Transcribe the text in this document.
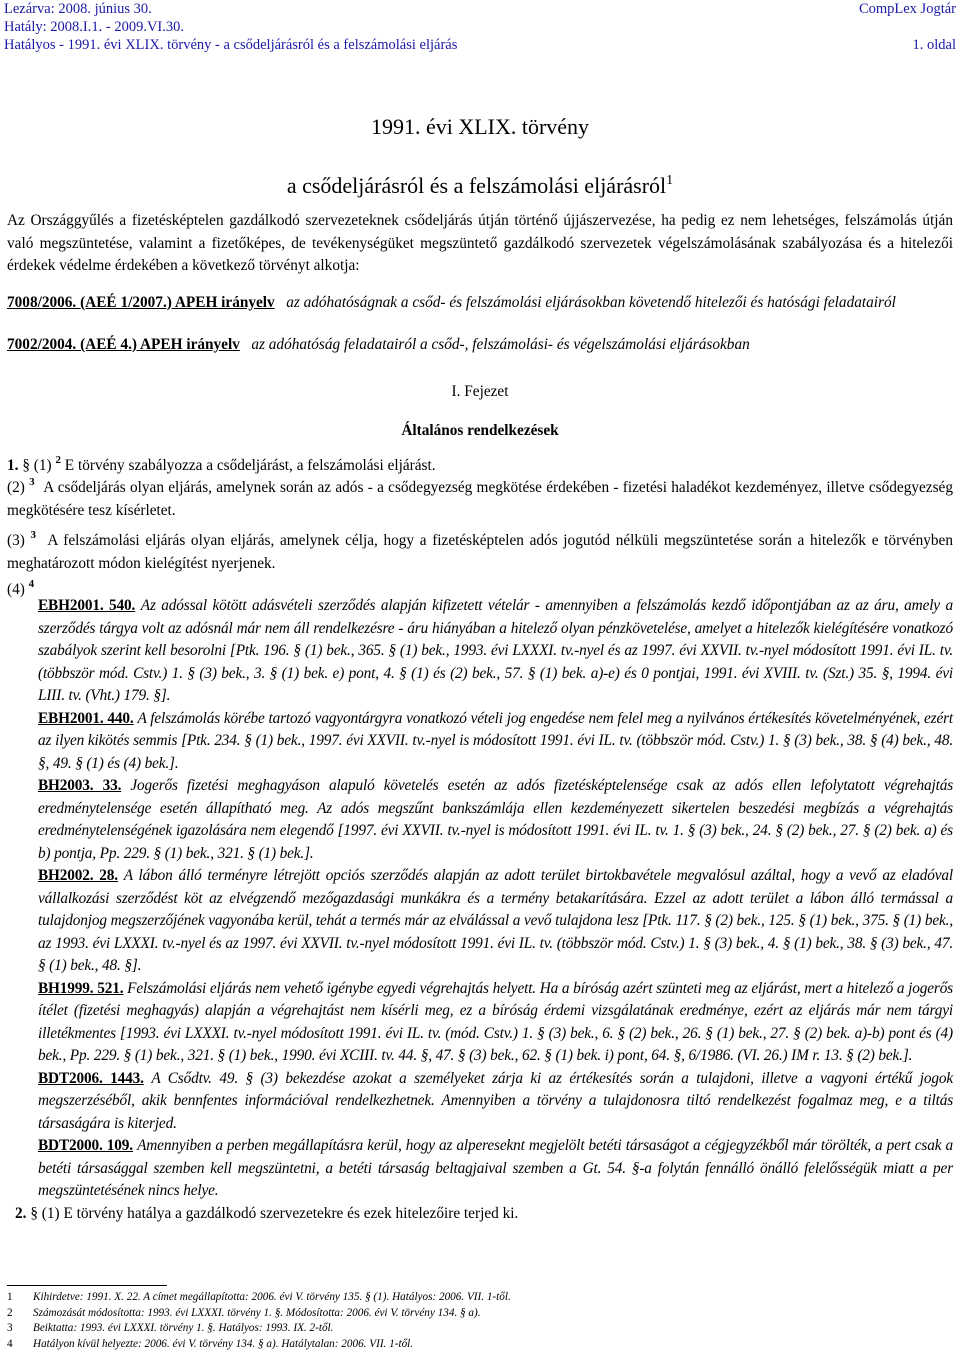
Lezárva: 2008. június 30.
Hatály: 2008.I.1. - 2009.VI.30.
Hatályos - 1991. évi XLIX. törvény - a csődeljárásról és a felszámolási eljárás
CompLex Jogtár
1. oldal
1991. évi XLIX. törvény
a csődeljárásról és a felszámolási eljárásról$^1$

Az Országgyűlés a fizetésképtelen gazdálkodó szervezeteknek csődeljárás útján történő újjászervezése, ha pedig ez nem lehetséges, felszámolás útján való megszüntetése, valamint a fizetőképes, de tevékenységüket megszüntető gazdálkodó szervezetek végelszámolásának szabályozása és a hitelezői érdekek védelme érdekében a következő törvényt alkotja:

7008/2006. (AEÉ 1/2007.) APEH irányelv az adóhatóságnak a csőd- és felszámolási eljárásokban követendő hitelezői és hatósági feladatairól

7002/2004. (AEÉ 4.) APEH irányelv az adóhatóság feladatairól a csőd-, felszámolási- és végelszámolási eljárásokban

I. Fejezet

Általános rendelkezések

1. § (1) $^2$ E törvény szabályozza a csődeljárást, a felszámolási eljárást.

(2) $^3$ A csődeljárás olyan eljárás, amelynek során az adós - a csődegyezség megkötése érdekében - fizetési haladékot kezdeményez, illetve csődegyezség megkötésére tesz kísérletet.

(3) $^3$ A felszámolási eljárás olyan eljárás, amelynek célja, hogy a fizetésképtelen adós jogutód nélküli megszüntetése során a hitelezők e törvényben meghatározott módon kielégítést nyerjenek.

(4) $^4$

EBH2001. 540. Az adóssal kötött adásvételi szerződés alapján kifizetett vételár - amennyiben a felszámolás kezdő időpontjában az az áru, amely a szerződés tárgya volt az adósnál már nem áll rendelkezésre - áru hiányában a hitelező olyan pénzkövetelése, amelyet a hitelezők kielégítésére vonatkozó szabályok szerint kell besorolni [Ptk. 196. § (1) bek., 365. § (1) bek., 1993. évi LXXXI. tv.-nyel és az 1997. évi XXVII. tv.-nyel módosított 1991. évi IL. tv. (többször mód. Cstv.) 1. § (3) bek., 3. § (1) bek. e) pont, 4. § (1) és (2) bek., 57. § (1) bek. a)-e) és 0 pontjai, 1991. évi XVIII. tv. (Szt.) 35. §, 1994. évi LIII. tv. (Vht.) 179. §].

EBH2001. 440. A felszámolás körébe tartozó vagyontárgyra vonatkozó vételi jog engedése nem felel meg a nyilvános értékesítés követelményének, ezért az ilyen kikötés semmis [Ptk. 234. § (1) bek., 1997. évi XXVII. tv.-nyel is módosított 1991. évi IL. tv. (többször mód. Cstv.) 1. § (3) bek., 38. § (4) bek., 48. §, 49. § (1) és (4) bek.].

BH2003. 33. Jogerős fizetési meghagyáson alapuló követelés esetén az adós fizetésképtelensége csak az adós ellen lefolytatott végrehajtás eredménytelensége esetén állapítható meg. Az adós megszűnt bankszámlája ellen kezdeményezett sikertelen beszedési megbízás a végrehajtás eredménytelenségének igazolására nem elegendő [1997. évi XXVII. tv.-nyel is módosított 1991. évi IL. tv. 1. § (3) bek., 24. § (2) bek., 27. § (2) bek. a) és b) pontja, Pp. 229. § (1) bek., 321. § (1) bek.].

BH2002. 28. A lábon álló terményre létrejött opciós szerződés alapján az adott terület birtokbavétele megvalósul azáltal, hogy a vevő az eladóval vállalkozási szerződést köt az elvégzendő mezőgazdasági munkákra és a termény betakarítására. Ezzel az adott terület a lábon álló termással a tulajdonjog megszerzőjének vagyonába kerül, tehát a termés már az elválással a vevő tulajdona lesz [Ptk. 117. § (2) bek., 125. § (1) bek., 375. § (1) bek., az 1993. évi LXXXI. tv.-nyel és az 1997. évi XXVII. tv.-nyel módosított 1991. évi IL. tv. (többször mód. Cstv.) 1. § (3) bek., 4. § (1) bek., 38. § (3) bek., 47. § (1) bek., 48. §].

BH1999. 521. Felszámolási eljárás nem vehető igénybe egyedi végrehajtás helyett. Ha a bíróság azért szünteti meg az eljárást, mert a hitelező a jogerős ítélet (fizetési meghagyás) alapján a végrehajtást nem kísérli meg, ez a bíróság érdemi vizsgálatának eredménye, ezért az eljárás már nem tárgyi illetékmentes [1993. évi LXXXI. tv.-nyel módosított 1991. évi IL. tv. (mód. Cstv.) 1. § (3) bek., 6. § (2) bek., 26. § (1) bek., 27. § (2) bek. a)-b) pont és (4) bek., Pp. 229. § (1) bek., 321. § (1) bek., 1990. évi XCIII. tv. 44. §, 47. § (3) bek., 62. § (1) bek. i) pont, 64. §, 6/1986. (VI. 26.) IM r. 13. § (2) bek.].

BDT2006. 1443. A Csődtv. 49. § (3) bekezdése azokat a személyeket zárja ki az értékesítés során a tulajdoni, illetve a vagyoni értékű jogok megszerzéséből, akik bennfentes információval rendelkezhetnek. Amennyiben a törvény a tulajdonosra tiltó rendelkezést fogalmaz meg, e a tiltás társaságára is kiterjed.

BDT2000. 109. Amennyiben a perben megállapításra kerül, hogy az alpereseknt megjelölt betéti társaságot a cégjegyzékből már törölték, a pert csak a betéti társasággal szemben kell megszüntetni, a betéti társaság beltagjaival szemben a Gt. 54. §-a folytán fennálló önálló felelősségük miatt a per megszüntetésének nincs helye.

2. § (1) E törvény hatálya a gazdálkodó szervezetekre és ezek hitelezőire terjed ki.

1 Kihirdetve: 1991. X. 22. A címet megállapította: 2006. évi V. törvény 135. § (1). Hatályos: 2006. VII. 1-től.
2 Számozását módosította: 1993. évi LXXXI. törvény 1. §. Módosította: 2006. évi V. törvény 134. § a).
3 Beiktatta: 1993. évi LXXXI. törvény 1. §. Hatályos: 1993. IX. 2-től.
4 Hatályon kívül helyezte: 2006. évi V. törvény 134. § a). Hatálytalan: 2006. VII. 1-től.
